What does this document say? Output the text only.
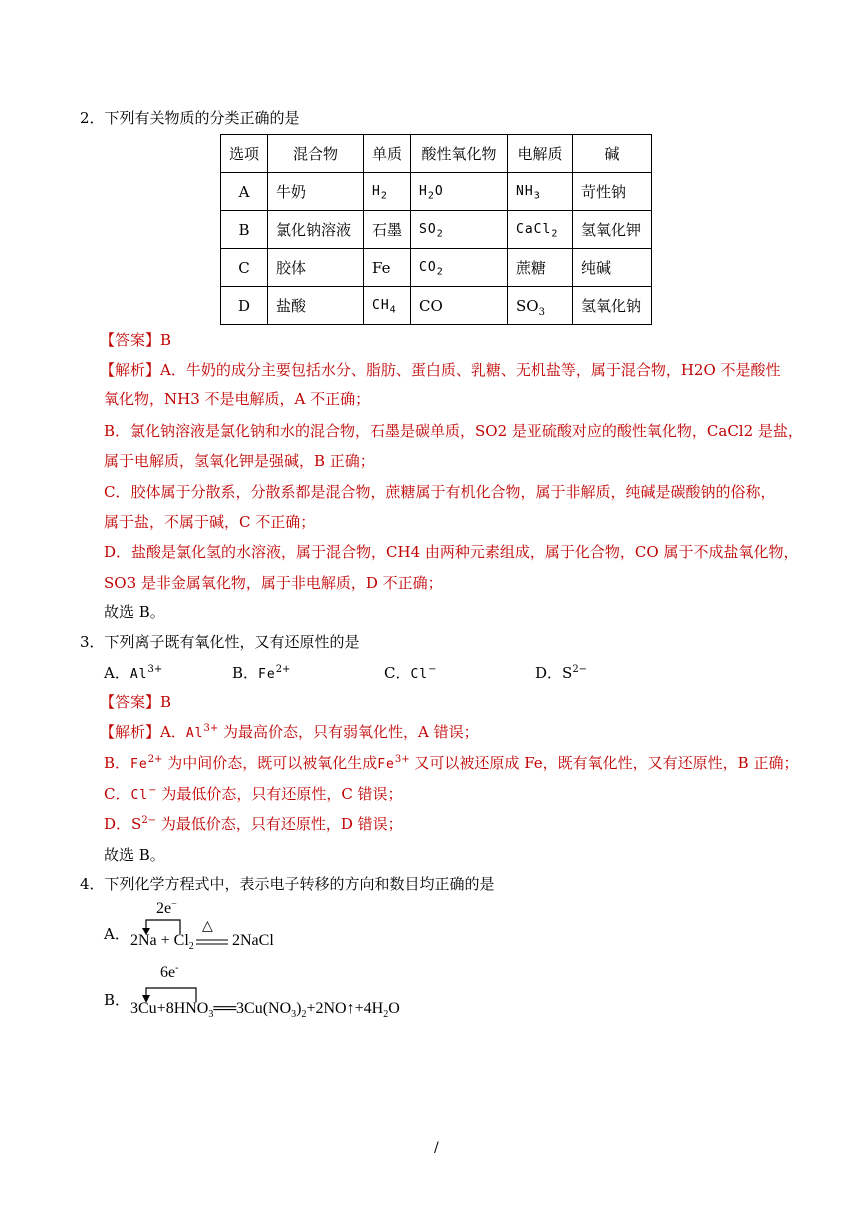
2．下列有关物质的分类正确的是
选项	混合物	单质	酸性氧化物	电解质	碱
A	牛奶	$H_2$	$H_2O$	$NH_3$	苛性钠
B	氯化钠溶液	石墨	$SO_2$	CaCl$_2$	氢氧化钾
C	胶体	Fe	$CO_2$	蔗糖	纯碱
D	盐酸	$CH_4$	CO	$SO_3$	氢氧化钠
【答案】B
【解析】A．牛奶的成分主要包括水分、脂肪、蛋白质、乳糖、无机盐等，属于混合物，H2O 不是酸性
氧化物，NH3 不是电解质，A 不正确；
B．氯化钠溶液是氯化钠和水的混合物，石墨是碳单质，SO2 是亚硫酸对应的酸性氧化物，CaCl2 是盐，
属于电解质，氢氧化钾是强碱，B 正确；
C．胶体属于分散系，分散系都是混合物，蔗糖属于有机化合物，属于非解质，纯碱是碳酸钠的俗称，
属于盐，不属于碱，C 不正确；
D．盐酸是氯化氢的水溶液，属于混合物，CH4 由两种元素组成，属于化合物，CO 属于不成盐氧化物，
SO3 是非金属氧化物，属于非电解质，D 不正确；
故选 B。
3．下列离子既有氧化性，又有还原性的是
A．$Al^{3+}$	B．$Fe^{2+}$	C．Cl−	D．$S^{2-}$
【答案】B
【解析】A．$Al^{3+}$ 为最高价态，只有弱氧化性，A 错误；
B．$Fe^{2+}$ 为中间价态，既可以被氧化生成$Fe^{3+}$ 又可以被还原成 Fe，既有氧化性，又有还原性，B 正确；
C．Cl− 为最低价态，只有还原性，C 错误；
D．$S^{2-}$ 为最低价态，只有还原性，D 错误；
故选 B。
4．下列化学方程式中，表示电子转移的方向和数目均正确的是
A．
2e−
$2Na + Cl_2$
△
2NaCl
B．
6e-
$3Cu+8HNO_3══3Cu(NO_3)_2+2NO↑+4H_2O$
/
